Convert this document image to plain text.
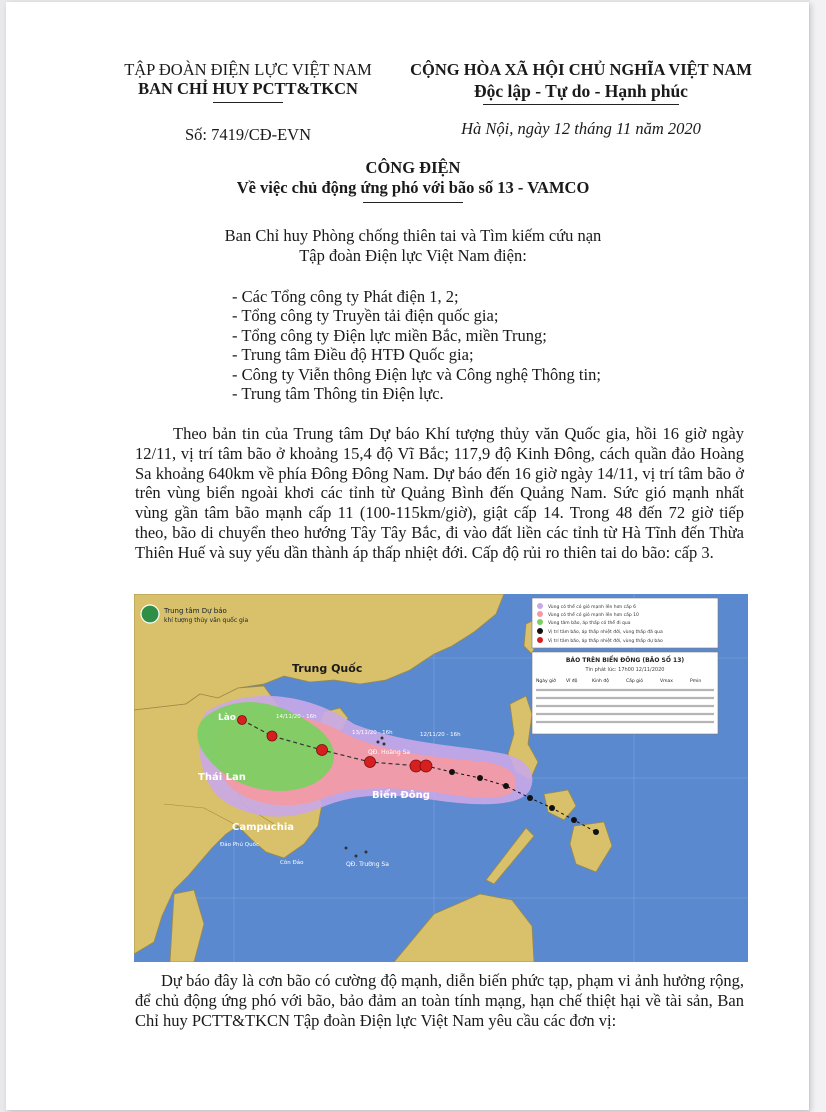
TẬP ĐOÀN ĐIỆN LỰC VIỆT NAM
BAN CHỈ HUY PCTT&TKCN
Số: 7419/CĐ-EVN
CỘNG HÒA XÃ HỘI CHỦ NGHĨA VIỆT NAM
Độc lập - Tự do - Hạnh phúc
Hà Nội, ngày 12 tháng 11 năm 2020
CÔNG ĐIỆN
Về việc chủ động ứng phó với bão số 13 - VAMCO
Ban Chỉ huy Phòng chống thiên tai và Tìm kiếm cứu nạn
Tập đoàn Điện lực Việt Nam điện:
- Các Tổng công ty Phát điện 1, 2;
- Tổng công ty Truyền tải điện quốc gia;
- Tổng công ty Điện lực miền Bắc, miền Trung;
- Trung tâm Điều độ HTĐ Quốc gia;
- Công ty Viễn thông Điện lực và Công nghệ Thông tin;
- Trung tâm Thông tin Điện lực.

Theo bản tin của Trung tâm Dự báo Khí tượng thủy văn Quốc gia, hồi 16 giờ ngày 12/11, vị trí tâm bão ở khoảng 15,4 độ Vĩ Bắc; 117,9 độ Kinh Đông, cách quần đảo Hoàng Sa khoảng 640km về phía Đông Đông Nam. Dự báo đến 16 giờ ngày 14/11, vị trí tâm bão ở trên vùng biển ngoài khơi các tỉnh từ Quảng Bình đến Quảng Nam. Sức gió mạnh nhất vùng gần tâm bão mạnh cấp 11 (100-115km/giờ), giật cấp 14. Trong 48 đến 72 giờ tiếp theo, bão di chuyển theo hướng Tây Tây Bắc, đi vào đất liền các tỉnh từ Hà Tĩnh đến Thừa Thiên Huế và suy yếu dần thành áp thấp nhiệt đới. Cấp độ rủi ro thiên tai do bão: cấp 3.

Trung tâm Dự báo
khí tượng thủy văn quốc gia
Trung Quốc
Lào
Thái Lan
Campuchia
Biển Đông
QĐ. Hoàng Sa
QĐ. Trường Sa
Đảo Phú Quốc
Côn Đảo
14/11/20 - 16h
13/11/20 - 16h	12/11/20 - 16h
Vùng có thể có gió mạnh lên hơn cấp 6
Vùng có thể có gió mạnh lên hơn cấp 10
Vùng tâm bão, áp thấp có thể đi qua
Vị trí tâm bão, áp thấp nhiệt đới, vùng thấp đã qua
Vị trí tâm bão, áp thấp nhiệt đới, vùng thấp dự báo
BÁO TRÊN BIỂN ĐÔNG (BÃO SỐ 13)
Tin phát lúc: 17h00 12/11/2020
Ngày giờ Vĩ độ	Kinh độ	Cấp gió	Vmax	Pmin

Dự báo đây là cơn bão có cường độ mạnh, diễn biến phức tạp, phạm vi ảnh hưởng rộng, để chủ động ứng phó với bão, bảo đảm an toàn tính mạng, hạn chế thiệt hại về tài sản, Ban Chỉ huy PCTT&TKCN Tập đoàn Điện lực Việt Nam yêu cầu các đơn vị:
